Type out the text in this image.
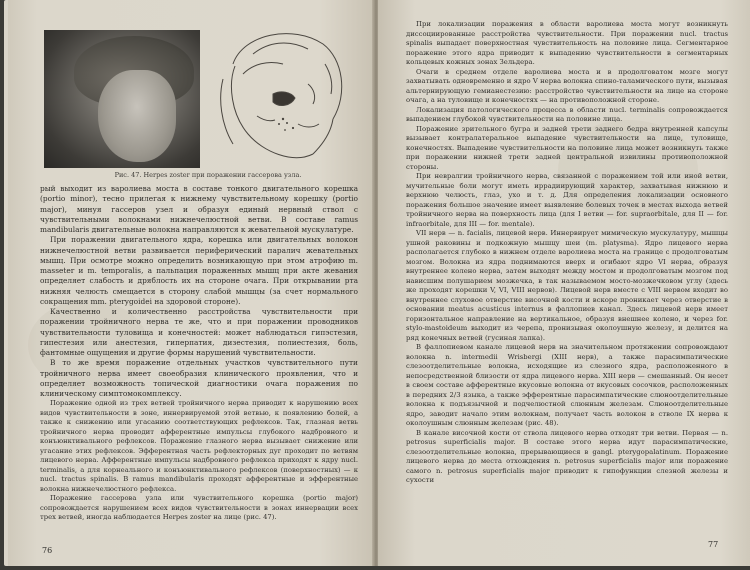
Рис. 47. Herpes zoster при поражении гассерова узла.

рый выходит из варолиева моста в составе тонкого двигательного корешка (portio minor), тесно прилегая к нижнему чувствительному корешку (portio major), минуя гассеров узел и образуя единый нервный ствол с чувствительными волокнами нижнечелюстной ветви. В составе ramus mandibularis двигательные волокна направляются к жевательной мускулатуре.

При поражении двигательного ядра, корешка или двигательных волокон нижнечелюстной ветви развивается периферический паралич жевательных мышц. При осмотре можно определить возникающую при этом атрофию m. masseter и m. temporalis, а пальпация пораженных мышц при акте жевания определяет слабость и дряблость их на стороне очага. При открывании рта нижняя челюсть смещается в сторону слабой мышцы (за счет нормального сокращения mm. pterygoidei на здоровой стороне).

Качественно и количественно расстройства чувствительности при поражении тройничного нерва те же, что и при поражении проводников чувствительности туловища и конечностей: может наблюдаться гипэстезия, гипестезия или анестезия, гиперпатия, дизестезия, полиестезия, боль, фантомные ощущения и другие формы нарушений чувствительности.

В то же время поражение отдельных участков чувствительного пути тройничного нерва имеет своеобразия клинического проявления, что и определяет возможность топической диагностики очага поражения по клиническому симптомокомплексу.

Поражение одной из трех ветвей тройничного нерва приводит к нарушению всех видов чувствительности в зоне, иннервируемой этой ветвью, к появлению болей, а также к снижению или угасанию соответствующих рефлексов. Так, глазная ветвь тройничного нерва проводит афферентные импульсы глубокого надбровного и конъюнктивального рефлексов. Поражение глазного нерва вызывает снижение или угасание этих рефлексов. Эфферентная часть рефлекторных дуг проходит по ветвям лицевого нерва. Афферентные импульсы надбровного рефлекса приходят к ядру nucl. terminalis, а для корнеального и конъюнктивального рефлексов (поверхностных) — к nucl. tractus spinalis. В ramus mandibularis проходят афферентные и эфферентные волокна нижнечелюстного рефлекса.

Поражение гассерова узла или чувствительного корешка (portio major) сопровождается нарушением всех видов чувствительности в зонах иннервации всех трех ветвей, иногда наблюдается Herpes zoster на лице (рис. 47).

76

При локализации поражения в области варолиева моста могут возникнуть диссоциированные расстройства чувствительности. При поражении nucl. tractus spinalis выпадает поверхностная чувствительность на половине лица. Сегментарное поражение этого ядра приводит к выпадению чувствительности в сегментарных кольцевых кожных зонах Зельдера.

Очаги в среднем отделе варолиева моста и в продолговатом мозге могут захватывать одновременно и ядро V нерва волокна спино-таламического пути, вызывая альтернирующую гемианестезию: расстройство чувствительности на лице на стороне очага, а на туловище и конечностях — на противоположной стороне.

Локализация патологического процесса в области nucl. terminalis сопровождается выпадением глубокой чувствительности на половине лица.

Поражение зрительного бугра и задней трети заднего бедра внутренней капсулы вызывает контралатеральное выпадение чувствительности на лице, туловище, конечностях. Выпадение чувствительности на половине лица может возникнуть также при поражении нижней трети задней центральной извилины противоположной стороны.

При невралгии тройничного нерва, связанной с поражением той или иной ветви, мучительные боли могут иметь иррадиирующий характер, захватывая нижнюю и верхнюю челюсть, глаз, ухо и т. д. Для определения локализации основного поражения большое значение имеет выявление болевых точек в местах выхода ветвей тройничного нерва на поверхность лица (для I ветви — for. supraorbitale, для II — for. infraorbitale, для III — for. mentale).

VII нерв — n. facialis, лицевой нерв. Иннервирует мимическую мускулатуру, мышцы ушной раковины и подкожную мышцу шеи (m. platysma). Ядро лицевого нерва располагается глубоко в нижнем отделе варолиева моста на границе с продолговатым мозгом. Волокна из ядра поднимаются вверх и огибают ядро VI нерва, образуя внутреннее колено нерва, затем выходят между мостом и продолговатым мозгом под нависшим полушарием мозжечка, в так называемом мосто-мозжечковом углу (здесь же проходят корешки V, VI, VIII нервов). Лицевой нерв вместе с VIII нервом входит во внутреннее слуховое отверстие височной кости и вскоре проникает через отверстие в основании meatus acusticus internus в фаллопиев канал. Здесь лицевой нерв имеет горизонтальное направление на вертикальное, образуя внешнее колено, и через for. stylo-mastoideum выходит из черепа, пронизывая околоушную железу, и делится на ряд конечных ветвей (гусиная лапка).

В фаллопиевом канале лицевой нерв на значительном протяжении сопровождают волокна n. intermedii Wrisbergi (XIII нерв), а также парасимпатические слезоотделительные волокна, исходящие из слезного ядра, расположенного в непосредственной близости от ядра лицевого нерва. XIII нерв — смешанный. Он несет в своем составе афферентные вкусовые волокна от вкусовых сосочков, расположенных в передних 2/3 языка, а также эфферентные парасимпатические слюноотделительные волокна к подъязычной и подчелюстной слюнным железам. Слюноотделительные ядро, заводит начало этим волокнам, получает часть волокон в стволе IX нерва к околоушным слюнным железам (рис. 48).

В канале височной кости от ствола лицевого нерва отходят три ветви. Первая — n. petrosus superficialis major. В составе этого нерва идут парасимпатические, слезоотделительные волокна, прерывающиеся в gangl. pterygopalatinum. Поражение лицевого нерва до места отхождения n. petrosus superficialis major или поражение самого n. petrosus superficialis major приводит к гипофункции слезной железы и сухости

77
